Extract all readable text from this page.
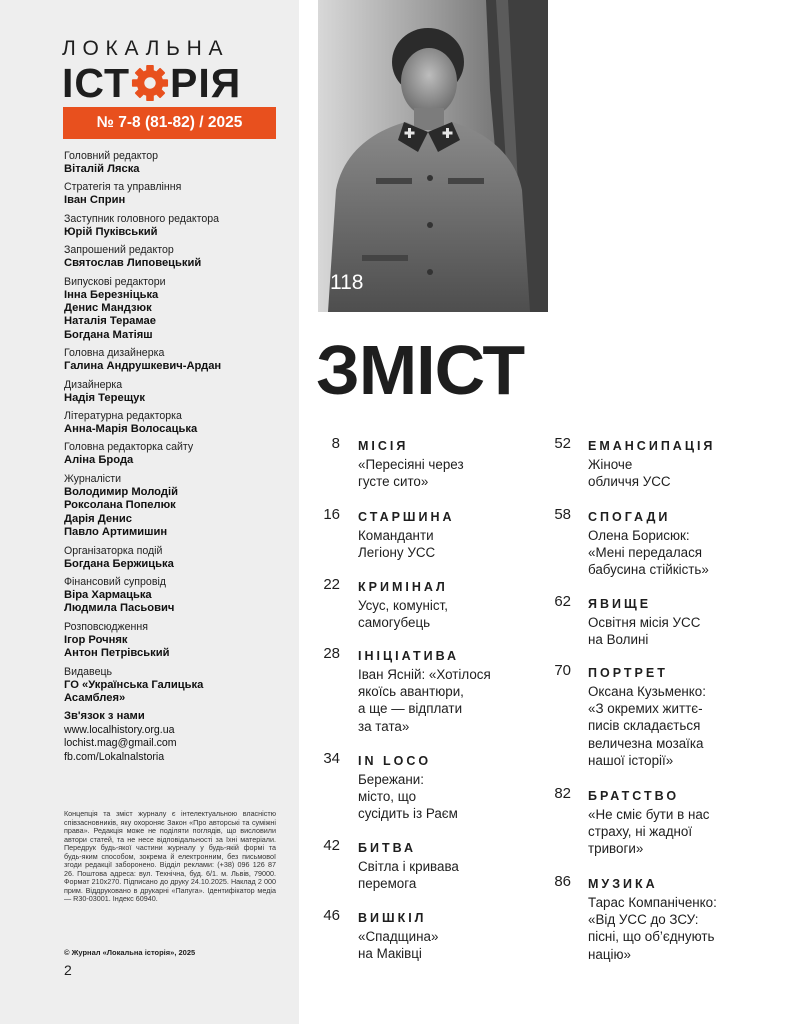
ЛОКАЛЬНА
ІСТ РІЯ
№ 7-8 (81-82) / 2025
Головний редактор
Віталій Ляска
Стратегія та управління
Іван Сприн
Заступник головного редактора
Юрій Пуківський
Запрошений редактор
Святослав Липовецький
Випускові редактори
Інна Березніцька
Денис Мандзюк
Наталія Терамае
Богдана Матіяш
Головна дизайнерка
Галина Андрушкевич-Ардан
Дизайнерка
Надія Терещук
Літературна редакторка
Анна-Марія Волосацька
Головна редакторка сайту
Аліна Брода
Журналісти
Володимир Молодій
Роксолана Попелюк
Дарія Денис
Павло Артимишин
Організаторка подій
Богдана Бержицька
Фінансовий супровід
Віра Хармацька
Людмила Пасьович
Розповсюдження
Ігор Рочняк
Антон Петрівський
Видавець
ГО «Українська Галицька
Асамблея»
Зв'язок з нами
www.localhistory.org.ua
lochist.mag@gmail.com
fb.com/Lokalnalstoria
Концепція та зміст журналу є інтелектуальною власністю співзасновників, яку охороняє Закон «Про авторські та суміжні права». Редакція може не поділяти поглядів, що висловили автори статей, та не несе відповідальності за їхні матеріали. Передрук будь-якої частини журналу у будь-якій формі та будь-яким способом, зокрема й електронним, без письмової згоди редакції заборонено. Відділ реклами: (+38) 096 126 87 26. Поштова адреса: вул. Технічна, буд. 6/1. м. Львів, 79000. Формат 210х270. Підписано до друку 24.10.2025. Наклад 2 000 прим. Віддруковано в друкарні «Папуга». Ідентифікатор медіа — R30-03001. Індекс 60940.
© Журнал «Локальна історія», 2025
2
118
ЗМІСТ
8 МІСІЯ
«Пересіяні через
густе сито»
16 СТАРШИНА
Команданти
Легіону УСС
22 КРИМІНАЛ
Усус, комуніст,
самогубець
28 ІНІЦІАТИВА
Іван Ясній: «Хотілося
якоїсь авантюри,
а ще — відплати
за тата»
34 IN LOCO
Бережани:
місто, що
сусідить із Раєм
42 БИТВА
Світла і кривава
перемога
46 ВИШКІЛ
«Спадщина»
на Маківці
52 ЕМАНСИПАЦІЯ
Жіноче
обличчя УСС
58 СПОГАДИ
Олена Борисюк:
«Мені передалася
бабусина стійкість»
62 ЯВИЩЕ
Освітня місія УСС
на Волині
70 ПОРТРЕТ
Оксана Кузьменко:
«З окремих життє-
писів складається
величезна мозаїка
нашої історії»
82 БРАТСТВО
«Не сміє бути в нас
страху, ні жадної
тривоги»
86 МУЗИКА
Тарас Компаніченко:
«Від УСС до ЗСУ:
пісні, що об’єднують
націю»
